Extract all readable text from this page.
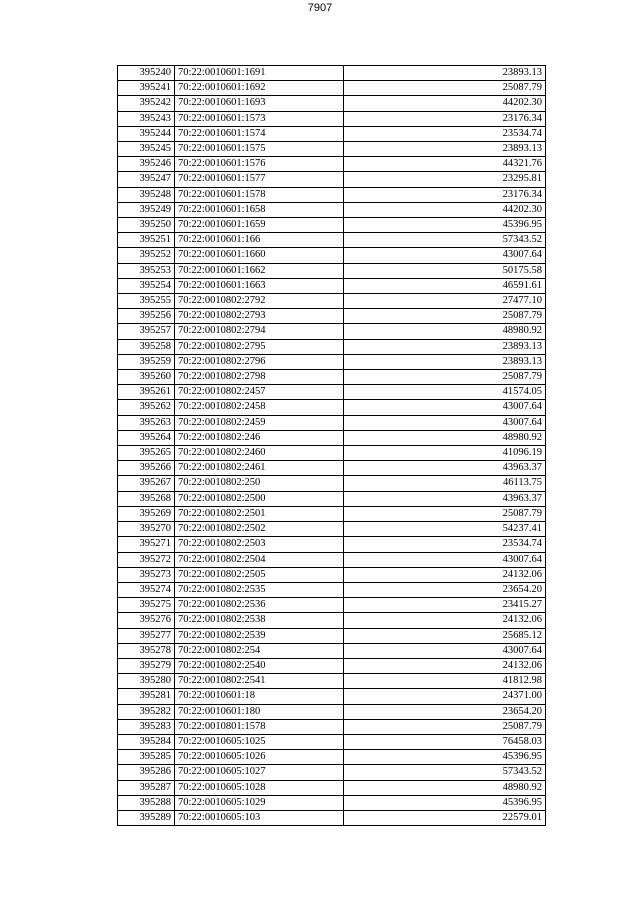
7907
395240	70:22:0010601:1691	23893.13
395241	70:22:0010601:1692	25087.79
395242	70:22:0010601:1693	44202.30
395243	70:22:0010601:1573	23176.34
395244	70:22:0010601:1574	23534.74
395245	70:22:0010601:1575	23893.13
395246	70:22:0010601:1576	44321.76
395247	70:22:0010601:1577	23295.81
395248	70:22:0010601:1578	23176.34
395249	70:22:0010601:1658	44202.30
395250	70:22:0010601:1659	45396.95
395251	70:22:0010601:166	57343.52
395252	70:22:0010601:1660	43007.64
395253	70:22:0010601:1662	50175.58
395254	70:22:0010601:1663	46591.61
395255	70:22:0010802:2792	27477.10
395256	70:22:0010802:2793	25087.79
395257	70:22:0010802:2794	48980.92
395258	70:22:0010802:2795	23893.13
395259	70:22:0010802:2796	23893.13
395260	70:22:0010802:2798	25087.79
395261	70:22:0010802:2457	41574.05
395262	70:22:0010802:2458	43007.64
395263	70:22:0010802:2459	43007.64
395264	70:22:0010802:246	48980.92
395265	70:22:0010802:2460	41096.19
395266	70:22:0010802:2461	43963.37
395267	70:22:0010802:250	46113.75
395268	70:22:0010802:2500	43963.37
395269	70:22:0010802:2501	25087.79
395270	70:22:0010802:2502	54237.41
395271	70:22:0010802:2503	23534.74
395272	70:22:0010802:2504	43007.64
395273	70:22:0010802:2505	24132.06
395274	70:22:0010802:2535	23654.20
395275	70:22:0010802:2536	23415.27
395276	70:22:0010802:2538	24132.06
395277	70:22:0010802:2539	25685.12
395278	70:22:0010802:254	43007.64
395279	70:22:0010802:2540	24132.06
395280	70:22:0010802:2541	41812.98
395281	70:22:0010601:18	24371.00
395282	70:22:0010601:180	23654.20
395283	70:22:0010801:1578	25087.79
395284	70:22:0010605:1025	76458.03
395285	70:22:0010605:1026	45396.95
395286	70:22:0010605:1027	57343.52
395287	70:22:0010605:1028	48980.92
395288	70:22:0010605:1029	45396.95
395289	70:22:0010605:103	22579.01
